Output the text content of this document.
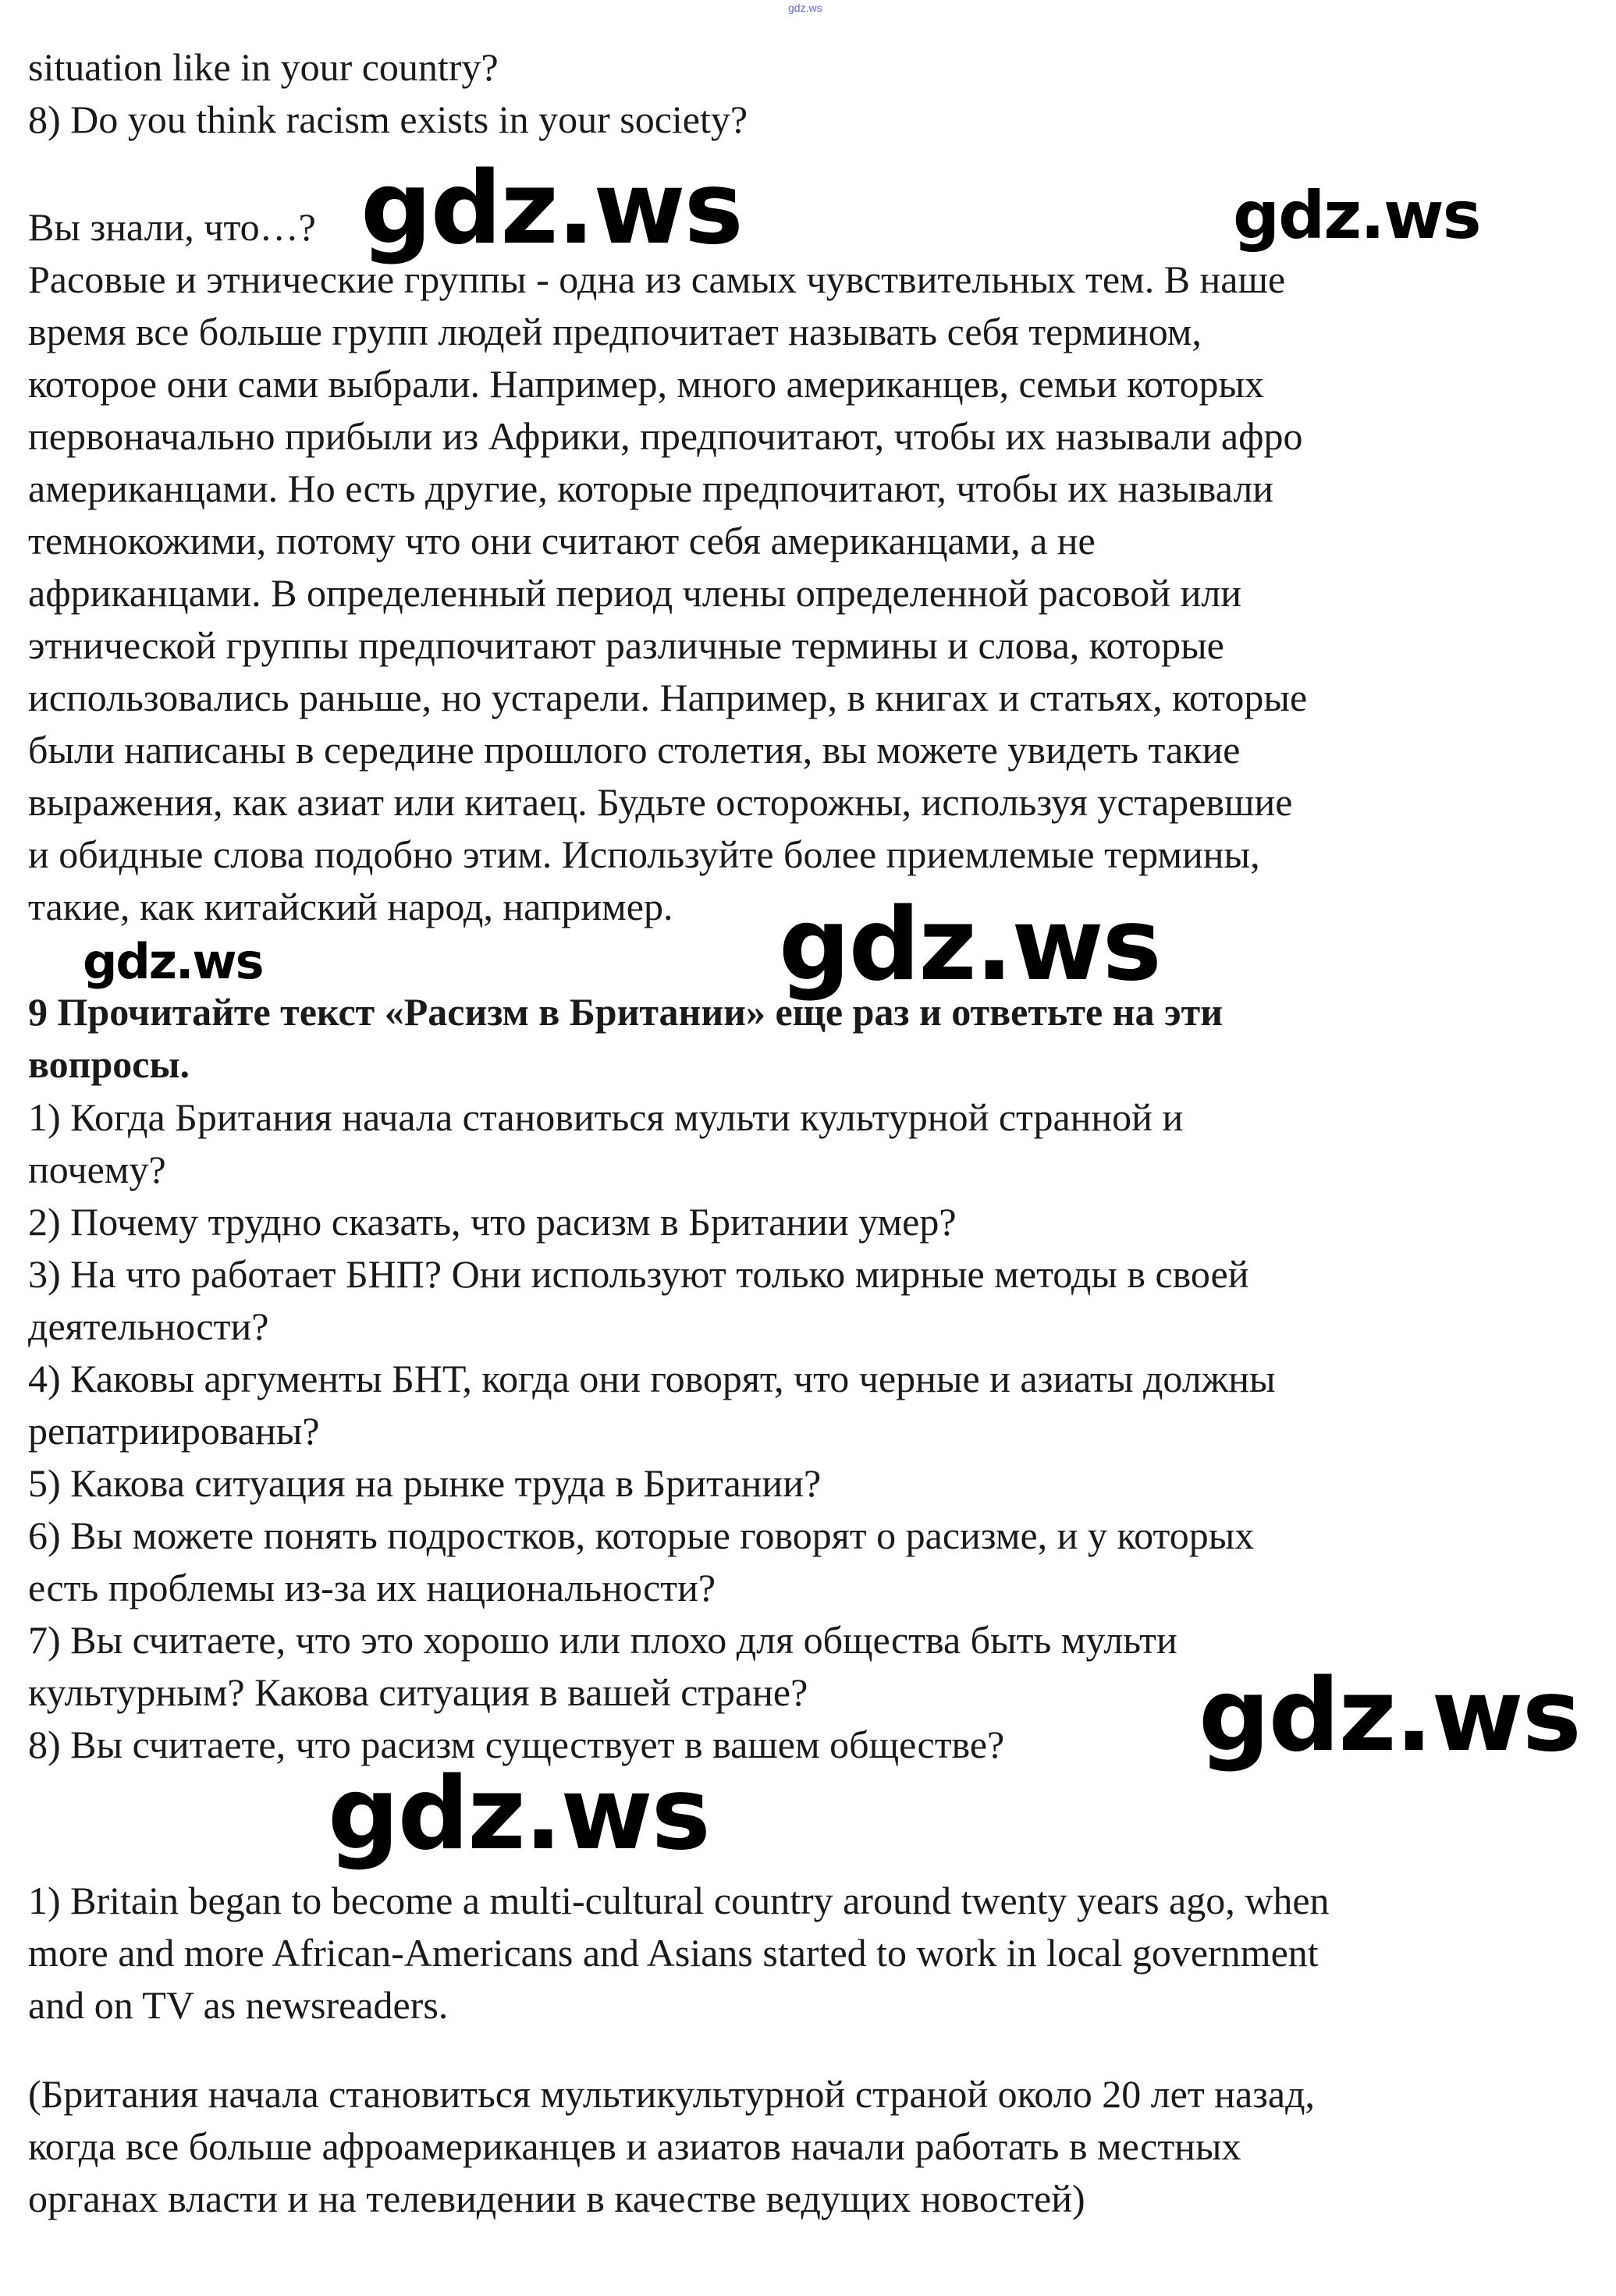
gdz.ws
situation like in your country?
8) Do you think racism exists in your society?
Вы знали, что…?
Расовые и этнические группы - одна из самых чувствительных тем. В наше
время все больше групп людей предпочитает называть себя термином,
которое они сами выбрали. Например, много американцев, семьи которых
первоначально прибыли из Африки, предпочитают, чтобы их называли афро
американцами. Но есть другие, которые предпочитают, чтобы их называли
темнокожими, потому что они считают себя американцами, а не
африканцами. В определенный период члены определенной расовой или
этнической группы предпочитают различные термины и слова, которые
использовались раньше, но устарели. Например, в книгах и статьях, которые
были написаны в середине прошлого столетия, вы можете увидеть такие
выражения, как азиат или китаец. Будьте осторожны, используя устаревшие
и обидные слова подобно этим. Используйте более приемлемые термины,
такие, как китайский народ, например.
9 Прочитайте текст «Расизм в Британии» еще раз и ответьте на эти
вопросы.
1) Когда Британия начала становиться мульти культурной странной и
почему?
2) Почему трудно сказать, что расизм в Британии умер?
3) На что работает БНП? Они используют только мирные методы в своей
деятельности?
4) Каковы аргументы БНТ, когда они говорят, что черные и азиаты должны
репатриированы?
5) Какова ситуация на рынке труда в Британии?
6) Вы можете понять подростков, которые говорят о расизме, и у которых
есть проблемы из-за их национальности?
7) Вы считаете, что это хорошо или плохо для общества быть мульти
культурным? Какова ситуация в вашей стране?
8) Вы считаете, что расизм существует в вашем обществе?
1) Britain began to become a multi-cultural country around twenty years ago, when
more and more African-Americans and Asians started to work in local government
and on TV as newsreaders.
(Британия начала становиться мультикультурной страной около 20 лет назад,
когда все больше афроамериканцев и азиатов начали работать в местных
органах власти и на телевидении в качестве ведущих новостей)
gdz.ws	gdz.ws
gdz.ws
gdz.ws
gdz.ws
gdz.ws
